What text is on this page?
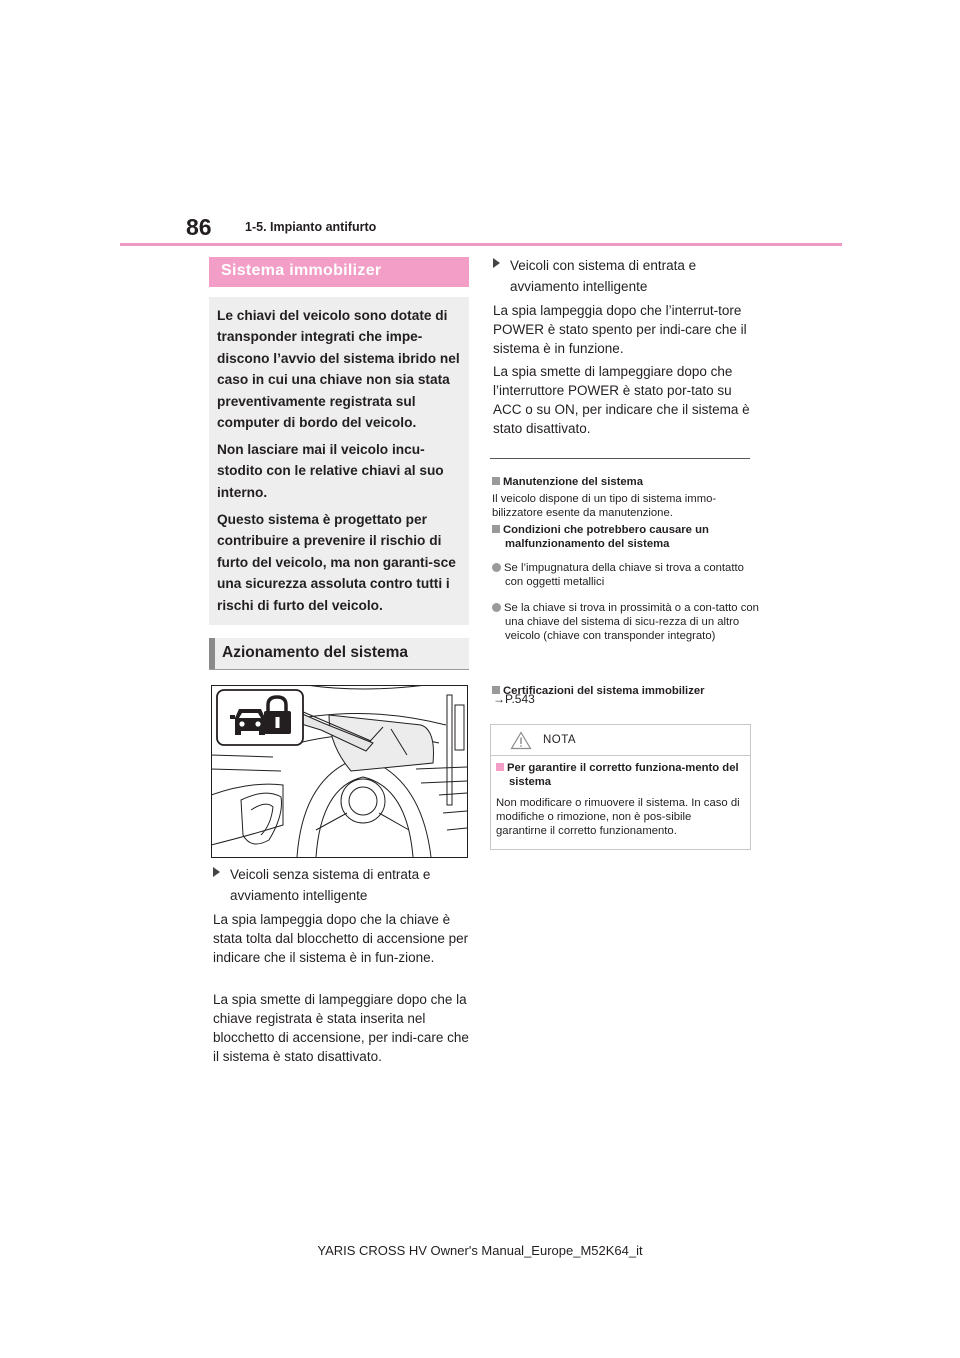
86	1-5. Impianto antifurto
Sistema immobilizer

Le chiavi del veicolo sono dotate di transponder integrati che impe-discono l’avvio del sistema ibrido nel caso in cui una chiave non sia stata preventivamente registrata sul computer di bordo del veicolo.

Non lasciare mai il veicolo incu-stodito con le relative chiavi al suo interno.

Questo sistema è progettato per contribuire a prevenire il rischio di furto del veicolo, ma non garanti-sce una sicurezza assoluta contro tutti i rischi di furto del veicolo.

Azionamento del sistema
Veicoli senza sistema di entrata e
avviamento intelligente

La spia lampeggia dopo che la chiave è stata tolta dal blocchetto di accensione per indicare che il sistema è in fun-zione.

La spia smette di lampeggiare dopo che la chiave registrata è stata inserita nel blocchetto di accensione, per indi-care che il sistema è stato disattivato.

Veicoli con sistema di entrata e
avviamento intelligente

La spia lampeggia dopo che l’interrut-tore POWER è stato spento per indi-care che il sistema è in funzione.

La spia smette di lampeggiare dopo che l’interruttore POWER è stato por-tato su ACC o su ON, per indicare che il sistema è stato disattivato.

Manutenzione del sistema

Il veicolo dispone di un tipo di sistema immo-bilizzatore esente da manutenzione.

Condizioni che potrebbero causare un malfunzionamento del sistema

Se l’impugnatura della chiave si trova a contatto con oggetti metallici

Se la chiave si trova in prossimità o a con-tatto con una chiave del sistema di sicu-rezza di un altro veicolo (chiave con transponder integrato)

Certificazioni del sistema immobilizer

→P.543

NOTA

Per garantire il corretto funziona-mento del sistema

Non modificare o rimuovere il sistema. In caso di modifiche o rimozione, non è pos-sibile garantirne il corretto funzionamento.

YARIS CROSS HV Owner's Manual_Europe_M52K64_it
